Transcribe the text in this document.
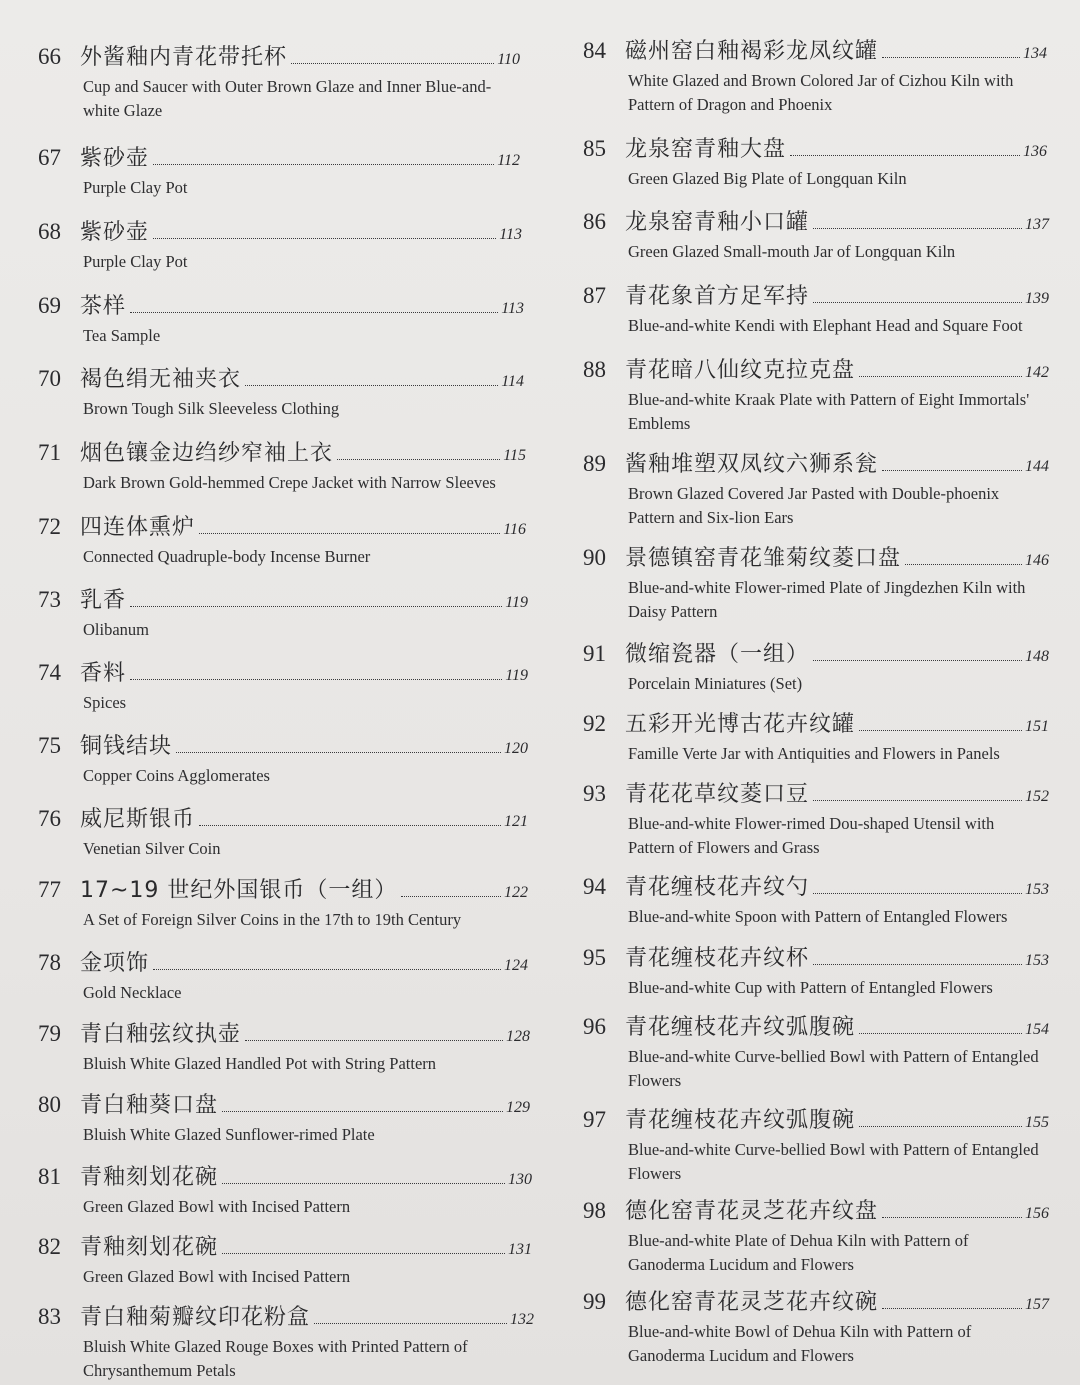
66 外酱釉内青花带托杯	110
Cup and Saucer with Outer Brown Glaze and Inner Blue-and-white Glaze
67 紫砂壶	112
Purple Clay Pot
68 紫砂壶	113
Purple Clay Pot
69 茶样	113
Tea Sample
70 褐色绢无袖夹衣	114
Brown Tough Silk Sleeveless Clothing
71 烟色镶金边绉纱窄袖上衣	115
Dark Brown Gold-hemmed Crepe Jacket with Narrow Sleeves
72 四连体熏炉	116
Connected Quadruple-body Incense Burner
73 乳香	119
Olibanum
74 香料	119
Spices
75 铜钱结块	120
Copper Coins Agglomerates
76 威尼斯银币	121
Venetian Silver Coin
77 17~19 世纪外国银币（一组）	122
A Set of Foreign Silver Coins in the 17th to 19th Century
78 金项饰	124
Gold Necklace
79 青白釉弦纹执壶	128
Bluish White Glazed Handled Pot with String Pattern
80 青白釉葵口盘	129
Bluish White Glazed Sunflower-rimed Plate
81 青釉刻划花碗	130
Green Glazed Bowl with Incised Pattern
82 青釉刻划花碗	131
Green Glazed Bowl with Incised Pattern
83 青白釉菊瓣纹印花粉盒	132
Bluish White Glazed Rouge Boxes with Printed Pattern of Chrysanthemum Petals
84 磁州窑白釉褐彩龙凤纹罐	134
White Glazed and Brown Colored Jar of Cizhou Kiln with Pattern of Dragon and Phoenix
85 龙泉窑青釉大盘	136
Green Glazed Big Plate of Longquan Kiln
86 龙泉窑青釉小口罐	137
Green Glazed Small-mouth Jar of Longquan Kiln
87 青花象首方足军持	139
Blue-and-white Kendi with Elephant Head and Square Foot
88 青花暗八仙纹克拉克盘	142
Blue-and-white Kraak Plate with Pattern of Eight Immortals' Emblems
89 酱釉堆塑双凤纹六狮系瓮	144
Brown Glazed Covered Jar Pasted with Double-phoenix Pattern and Six-lion Ears
90 景德镇窑青花雏菊纹菱口盘	146
Blue-and-white Flower-rimed Plate of Jingdezhen Kiln with Daisy Pattern
91 微缩瓷器（一组）	148
Porcelain Miniatures (Set)
92 五彩开光博古花卉纹罐	151
Famille Verte Jar with Antiquities and Flowers in Panels
93 青花花草纹菱口豆	152
Blue-and-white Flower-rimed Dou-shaped Utensil with Pattern of Flowers and Grass
94 青花缠枝花卉纹勺	153
Blue-and-white Spoon with Pattern of Entangled Flowers
95 青花缠枝花卉纹杯	153
Blue-and-white Cup with Pattern of Entangled Flowers
96 青花缠枝花卉纹弧腹碗	154
Blue-and-white Curve-bellied Bowl with Pattern of Entangled Flowers
97 青花缠枝花卉纹弧腹碗	155
Blue-and-white Curve-bellied Bowl with Pattern of Entangled Flowers
98 德化窑青花灵芝花卉纹盘	156
Blue-and-white Plate of Dehua Kiln with Pattern of Ganoderma Lucidum and Flowers
99 德化窑青花灵芝花卉纹碗	157
Blue-and-white Bowl of Dehua Kiln with Pattern of Ganoderma Lucidum and Flowers
